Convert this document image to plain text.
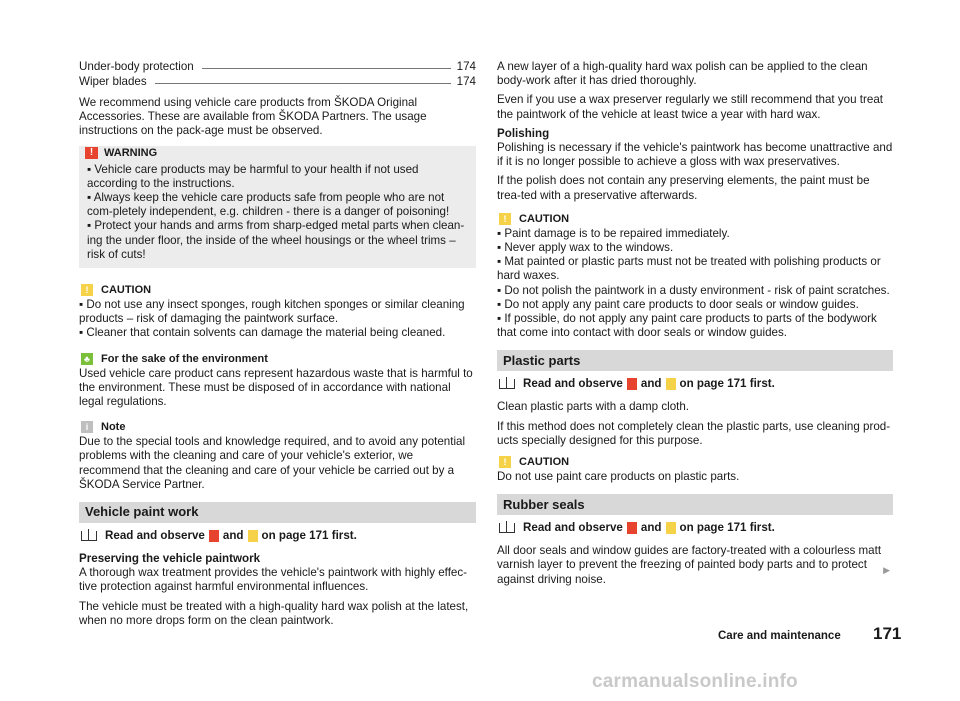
Under-body protection	174
Wiper blades	174

We recommend using vehicle care products from ŠKODA Original Accessories. These are available from ŠKODA Partners. The usage instructions on the pack-age must be observed.

! WARNING
▪ Vehicle care products may be harmful to your health if not used according to the instructions.
▪ Always keep the vehicle care products safe from people who are not com-pletely independent, e.g. children - there is a danger of poisoning!
▪ Protect your hands and arms from sharp-edged metal parts when clean-ing the under floor, the inside of the wheel housings or the wheel trims – risk of cuts!
!	CAUTION
▪ Do not use any insect sponges, rough kitchen sponges or similar cleaning products – risk of damaging the paintwork surface.
▪ Cleaner that contain solvents can damage the material being cleaned.
♣ For the sake of the environment
Used vehicle care product cans represent hazardous waste that is harmful to the environment. These must be disposed of in accordance with national legal regulations.
i	Note
Due to the special tools and knowledge required, and to avoid any potential problems with the cleaning and care of your vehicle's exterior, we recommend that the cleaning and care of your vehicle be carried out by a ŠKODA Service Partner.
Vehicle paint work
Read and observe and on page 171 first.
Preserving the vehicle paintwork

A thorough wax treatment provides the vehicle's paintwork with highly effec-tive protection against harmful environmental influences.

The vehicle must be treated with a high-quality hard wax polish at the latest, when no more drops form on the clean paintwork.

A new layer of a high-quality hard wax polish can be applied to the clean body-work after it has dried thoroughly.

Even if you use a wax preserver regularly we still recommend that you treat the paintwork of the vehicle at least twice a year with hard wax.

Polishing

Polishing is necessary if the vehicle's paintwork has become unattractive and if it is no longer possible to achieve a gloss with wax preservatives.

If the polish does not contain any preserving elements, the paint must be trea-ted with a preservative afterwards.

!	CAUTION
▪ Paint damage is to be repaired immediately.
▪ Never apply wax to the windows.
▪ Mat painted or plastic parts must not be treated with polishing products or hard waxes.
▪ Do not polish the paintwork in a dusty environment - risk of paint scratches.
▪ Do not apply any paint care products to door seals or window guides.
▪ If possible, do not apply any paint care products to parts of the bodywork that come into contact with door seals or window guides.
Plastic parts
Read and observe and on page 171 first.

Clean plastic parts with a damp cloth.

If this method does not completely clean the plastic parts, use cleaning prod-ucts specially designed for this purpose.

!	CAUTION
Do not use paint care products on plastic parts.
Rubber seals
Read and observe and on page 171 first.

All door seals and window guides are factory-treated with a colourless matt varnish layer to prevent the freezing of painted body parts and to protect against driving noise.

▶
Care and maintenance 171
carmanualsonline.info
